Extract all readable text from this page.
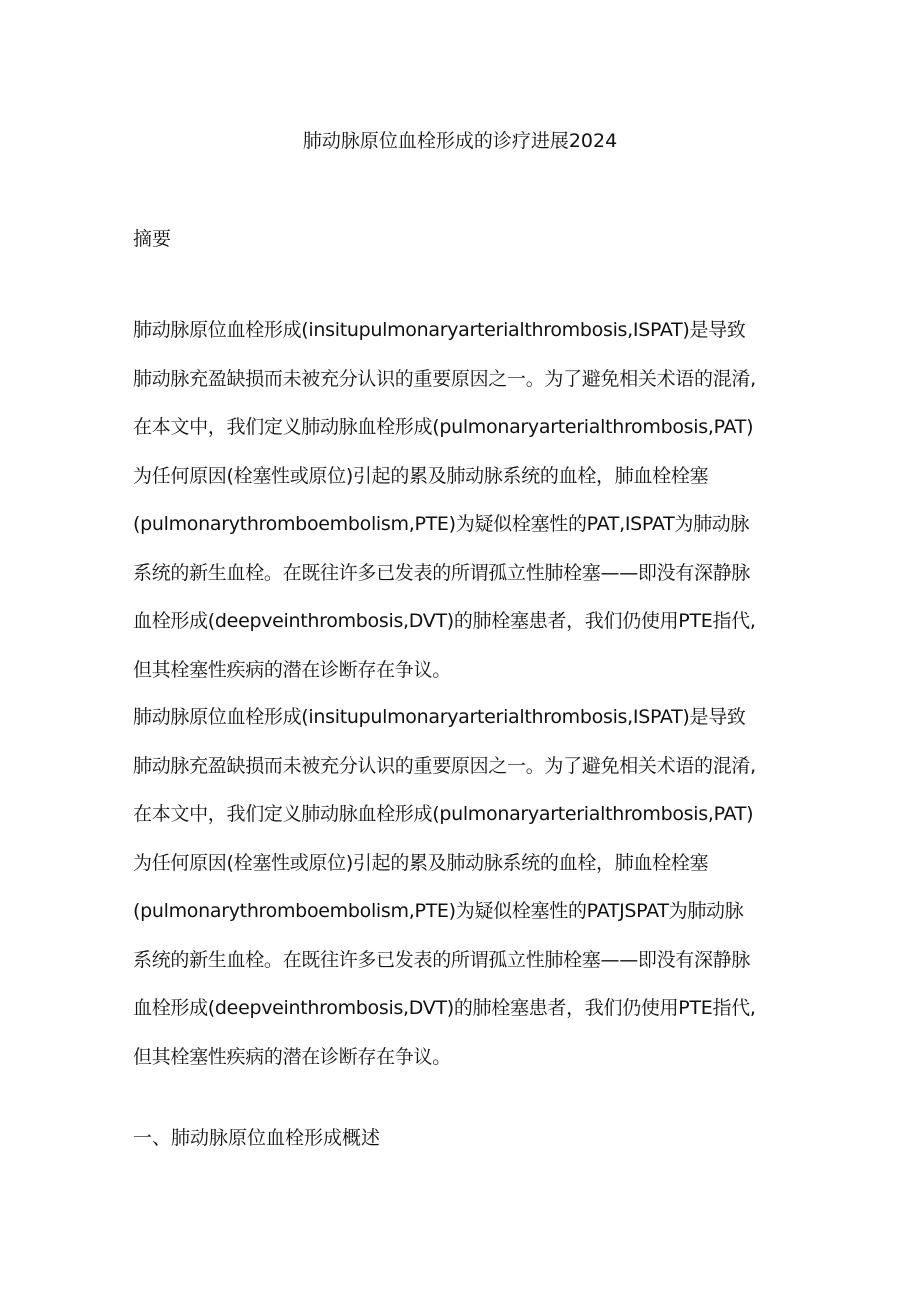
肺动脉原位血栓形成的诊疗进展2024
摘要
肺动脉原位血栓形成(insitupulmonaryarterialthrombosis,ISPAT)是导致
肺动脉充盈缺损而未被充分认识的重要原因之一。为了避免相关术语的混淆,
在本文中，我们定义肺动脉血栓形成(pulmonaryarterialthrombosis,PAT)
为任何原因(栓塞性或原位)引起的累及肺动脉系统的血栓，肺血栓栓塞
(pulmonarythromboembolism,PTE)为疑似栓塞性的PAT,ISPAT为肺动脉
系统的新生血栓。在既往许多已发表的所谓孤立性肺栓塞——即没有深静脉
血栓形成(deepveinthrombosis,DVT)的肺栓塞患者，我们仍使用PTE指代,
但其栓塞性疾病的潜在诊断存在争议。
肺动脉原位血栓形成(insitupulmonaryarterialthrombosis,ISPAT)是导致
肺动脉充盈缺损而未被充分认识的重要原因之一。为了避免相关术语的混淆,
在本文中，我们定义肺动脉血栓形成(pulmonaryarterialthrombosis,PAT)
为任何原因(栓塞性或原位)引起的累及肺动脉系统的血栓，肺血栓栓塞
(pulmonarythromboembolism,PTE)为疑似栓塞性的PATJSPAT为肺动脉
系统的新生血栓。在既往许多已发表的所谓孤立性肺栓塞——即没有深静脉
血栓形成(deepveinthrombosis,DVT)的肺栓塞患者，我们仍使用PTE指代,
但其栓塞性疾病的潜在诊断存在争议。
一、肺动脉原位血栓形成概述
